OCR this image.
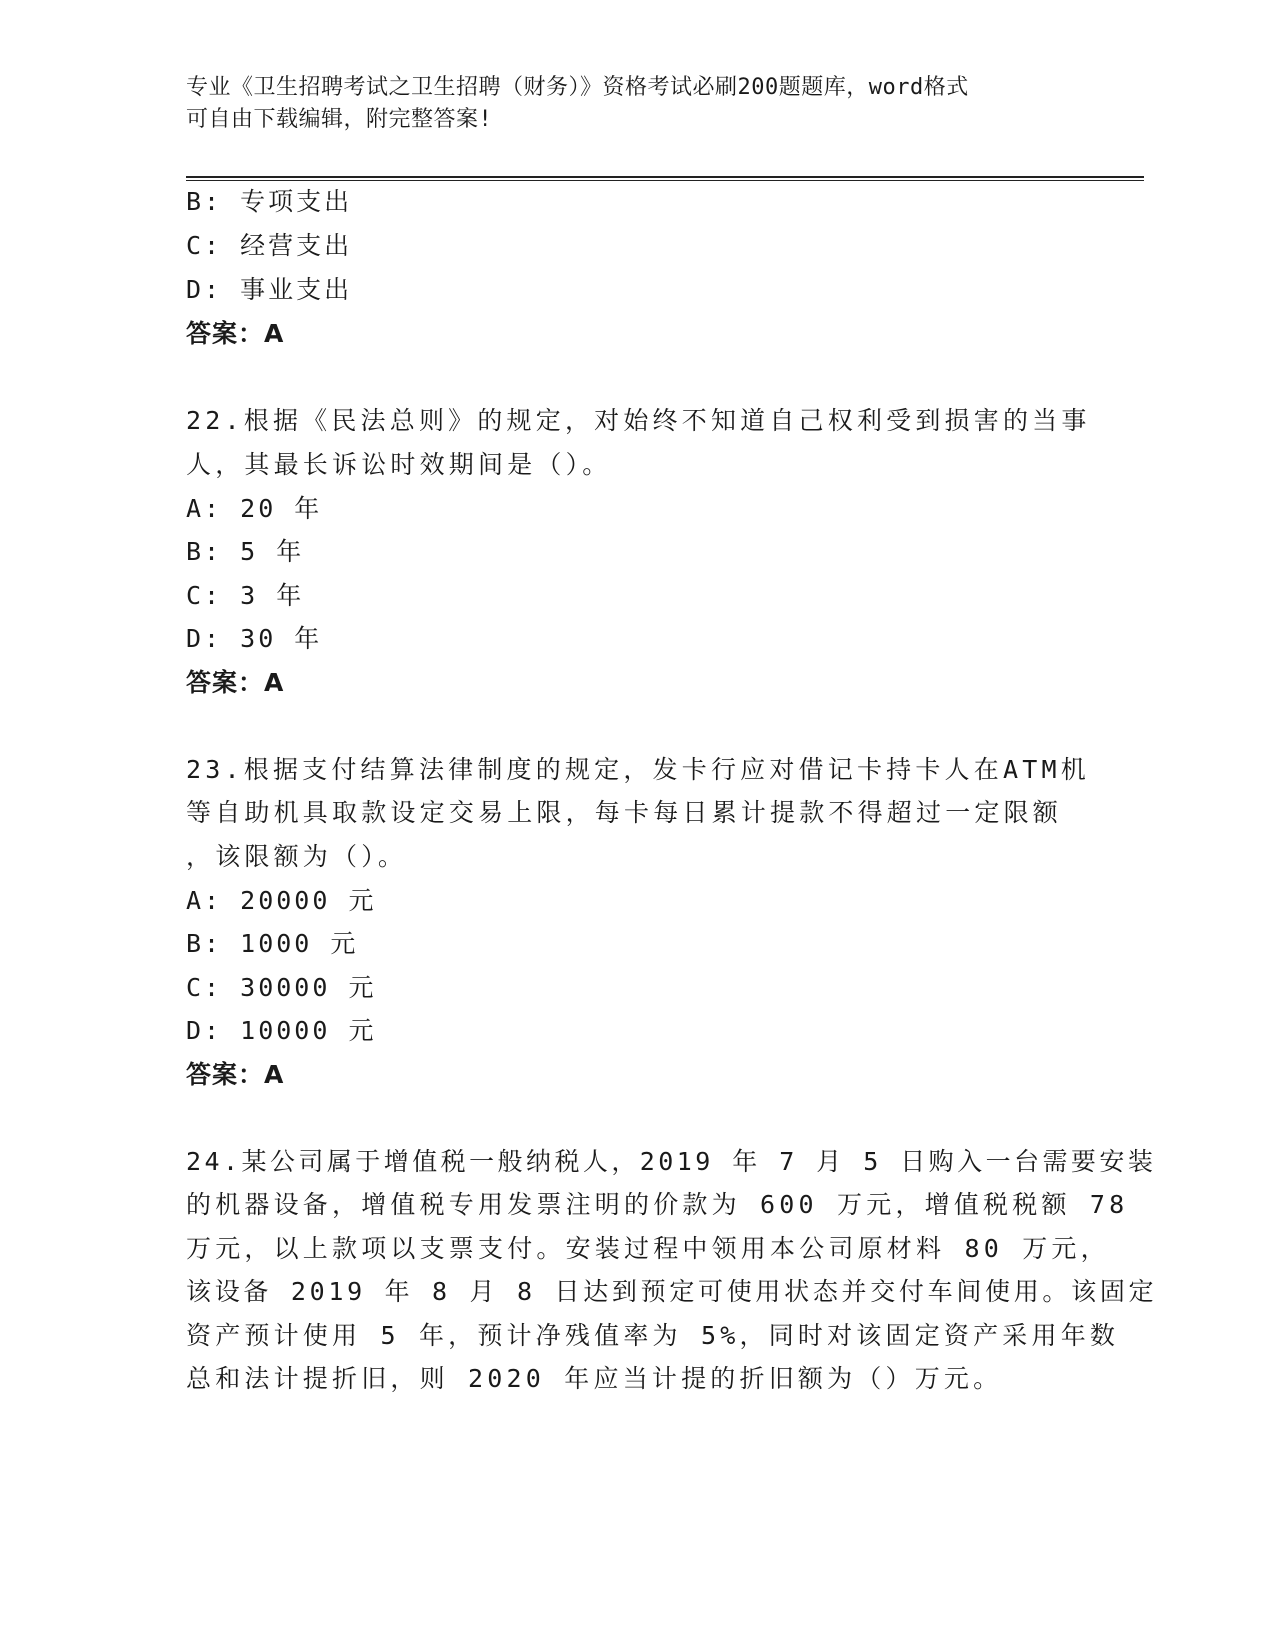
专业《卫生招聘考试之卫生招聘（财务）》资格考试必刷200题题库，word格式
可自由下载编辑，附完整答案!
B: 专项支出
C: 经营支出
D: 事业支出
答案：A
22.根据《民法总则》的规定，对始终不知道自己权利受到损害的当事
人，其最长诉讼时效期间是（）。
A: 20 年
B: 5 年
C: 3 年
D: 30 年
答案：A
23.根据支付结算法律制度的规定，发卡行应对借记卡持卡人在ATM机
等自助机具取款设定交易上限，每卡每日累计提款不得超过一定限额
，该限额为（）。
A: 20000 元
B: 1000 元
C: 30000 元
D: 10000 元
答案：A
24.某公司属于增值税一般纳税人，2019 年 7 月 5 日购入一台需要安装
的机器设备，增值税专用发票注明的价款为 600 万元，增值税税额 78
万元，以上款项以支票支付。安装过程中领用本公司原材料 80 万元，
该设备 2019 年 8 月 8 日达到预定可使用状态并交付车间使用。该固定
资产预计使用 5 年，预计净残值率为 5%，同时对该固定资产采用年数
总和法计提折旧，则 2020 年应当计提的折旧额为（）万元。
